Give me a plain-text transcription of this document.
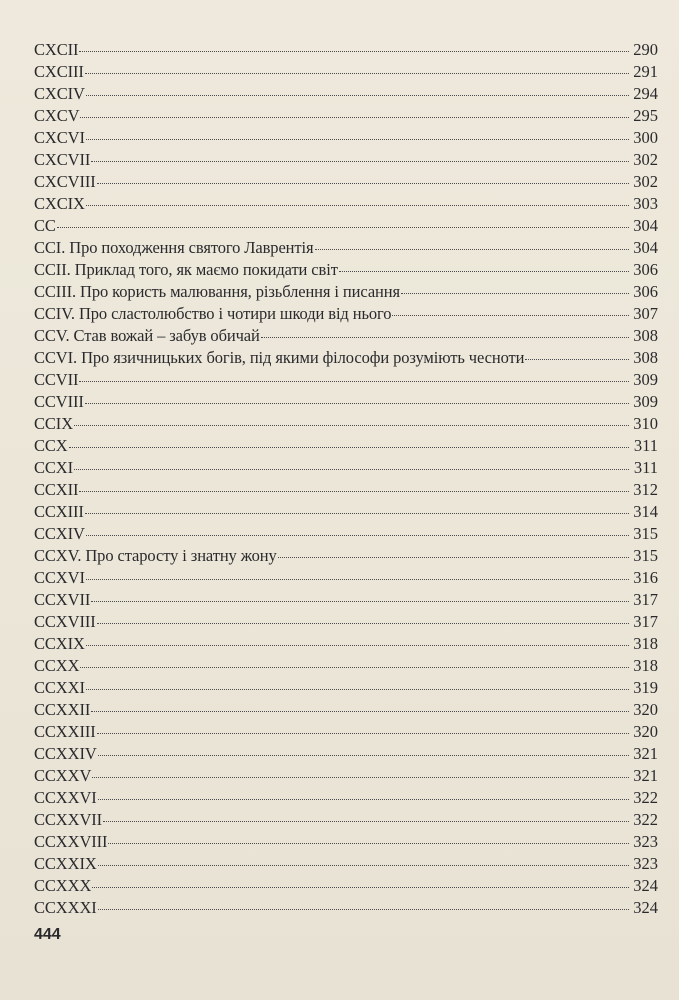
CXCII	290
CXCIII	291
CXCIV	294
CXCV	295
CXCVI	300
CXCVII	302
CXCVIII	302
CXCIX	303
CC	304
CCI. Про походження святого Лаврентія	304
CCII. Приклад того, як маємо покидати світ	306
CCIII. Про користь малювання, різьблення і писання	306
CCIV. Про сластолюбство і чотири шкоди від нього	307
CCV. Став вожай – забув обичай	308
CCVI. Про язичницьких богів, під якими філософи розуміють чесноти	308
CCVII	309
CCVIII	309
CCIX	310
CCX	311
CCXI	311
CCXII	312
CCXIII	314
CCXIV	315
CCXV. Про старосту і знатну жону	315
CCXVI	316
CCXVII	317
CCXVIII	317
CCXIX	318
CCXX	318
CCXXI	319
CCXXII	320
CCXXIII	320
CCXXIV	321
CCXXV	321
CCXXVI	322
CCXXVII	322
CCXXVIII	323
CCXXIX	323
CCXXX	324
CCXXXI	324
444
